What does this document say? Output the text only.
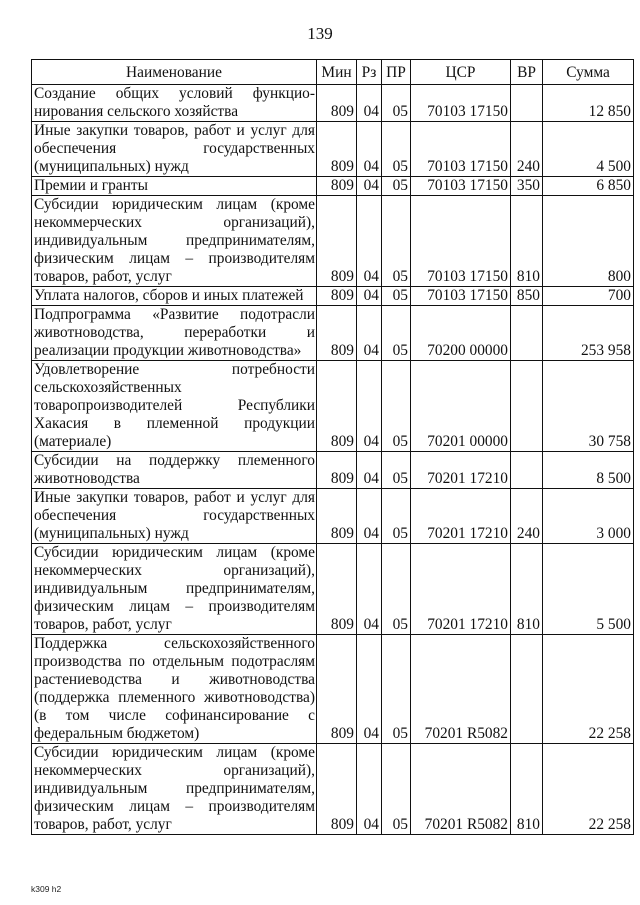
139
Наименование	Мин	Рз	ПР	ЦСР	ВР	Сумма
Создание общих условий функцио-нирования сельского хозяйства	809	04	05	70103 17150		12 850
Иные закупки товаров, работ и услуг для обеспечения государственных (муниципальных) нужд	809	04	05	70103 17150	240	4 500
Премии и гранты	809	04	05	70103 17150	350	6 850
Субсидии юридическим лицам (кроме некоммерческих организаций), индивидуальным предпринимателям, физическим лицам – производителям товаров, работ, услуг	809	04	05	70103 17150	810	800
Уплата налогов, сборов и иных платежей	809	04	05	70103 17150	850	700
Подпрограмма «Развитие подотрасли животноводства, переработки и реализации продукции животноводства»	809	04	05	70200 00000		253 958
Удовлетворение потребности сельскохозяйственных товаропроизводителей Республики Хакасия в племенной продукции (материале)	809	04	05	70201 00000		30 758
Субсидии на поддержку племенного животноводства	809	04	05	70201 17210		8 500
Иные закупки товаров, работ и услуг для обеспечения государственных (муниципальных) нужд	809	04	05	70201 17210	240	3 000
Субсидии юридическим лицам (кроме некоммерческих организаций), индивидуальным предпринимателям, физическим лицам – производителям товаров, работ, услуг	809	04	05	70201 17210	810	5 500
Поддержка сельскохозяйственного производства по отдельным подотраслям растениеводства и животноводства (поддержка племенного животноводства) (в том числе софинансирование с федеральным бюджетом)	809	04	05	70201 R5082		22 258
Субсидии юридическим лицам (кроме некоммерческих организаций), индивидуальным предпринимателям, физическим лицам – производителям товаров, работ, услуг	809	04	05	70201 R5082	810	22 258
k309 h2
